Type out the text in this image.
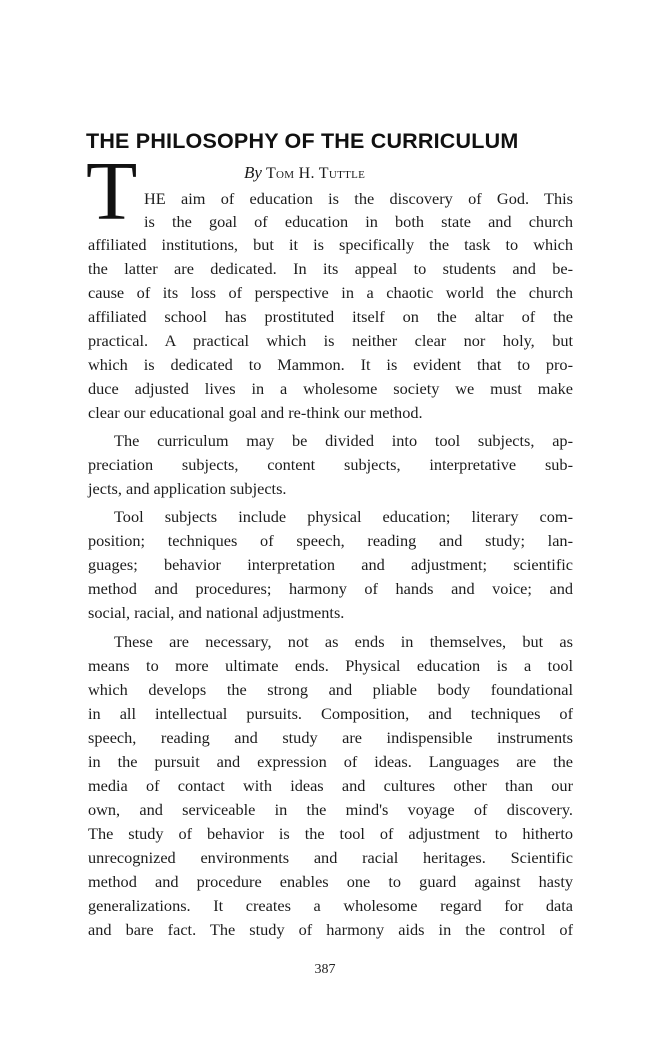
THE PHILOSOPHY OF THE CURRICULUM
T	By Tom H. Tuttle

HE aim of education is the discovery of God. This

is the goal of education in both state and church

affiliated institutions, but it is specifically the task to which

the latter are dedicated. In its appeal to students and be-

cause of its loss of perspective in a chaotic world the church

affiliated school has prostituted itself on the altar of the

practical. A practical which is neither clear nor holy, but

which is dedicated to Mammon. It is evident that to pro-

duce adjusted lives in a wholesome society we must make

clear our educational goal and re-think our method.

The curriculum may be divided into tool subjects, ap-

preciation subjects, content subjects, interpretative sub-

jects, and application subjects.

Tool subjects include physical education; literary com-

position; techniques of speech, reading and study; lan-

guages; behavior interpretation and adjustment; scientific

method and procedures; harmony of hands and voice; and

social, racial, and national adjustments.

These are necessary, not as ends in themselves, but as

means to more ultimate ends. Physical education is a tool

which develops the strong and pliable body foundational

in all intellectual pursuits. Composition, and techniques of

speech, reading and study are indispensible instruments

in the pursuit and expression of ideas. Languages are the

media of contact with ideas and cultures other than our

own, and serviceable in the mind's voyage of discovery.

The study of behavior is the tool of adjustment to hitherto

unrecognized environments and racial heritages. Scientific

method and procedure enables one to guard against hasty

generalizations. It creates a wholesome regard for data

and bare fact. The study of harmony aids in the control of

387
